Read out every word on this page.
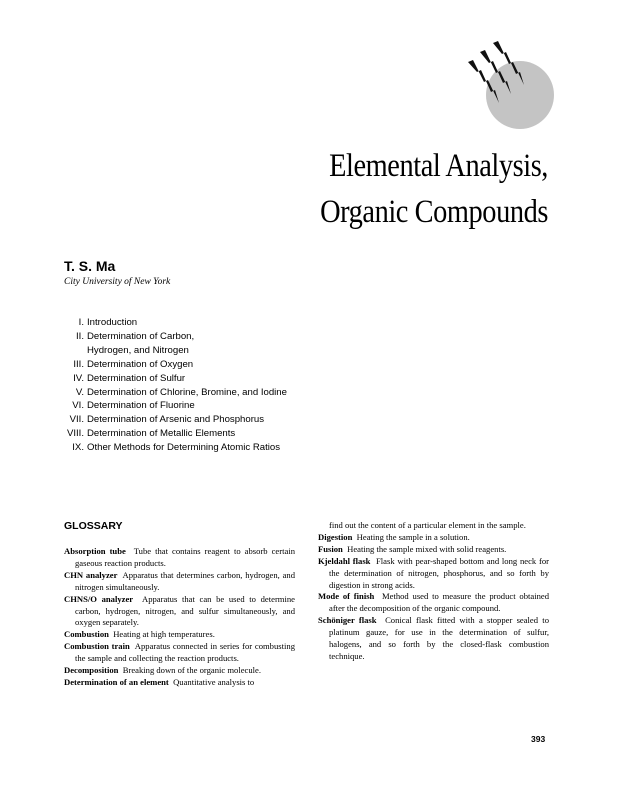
Elemental Analysis,
Organic Compounds
T. S. Ma
City University of New York
I. Introduction
II. Determination of Carbon,
Hydrogen, and Nitrogen
III. Determination of Oxygen
IV. Determination of Sulfur
V. Determination of Chlorine, Bromine, and Iodine
VI. Determination of Fluorine
VII. Determination of Arsenic and Phosphorus
VIII. Determination of Metallic Elements
IX. Other Methods for Determining Atomic Ratios
GLOSSARY
Absorption tube Tube that contains reagent to absorb certain gaseous reaction products.
CHN analyzer Apparatus that determines carbon, hydrogen, and nitrogen simultaneously.
CHNS/O analyzer Apparatus that can be used to determine carbon, hydrogen, nitrogen, and sulfur simultaneously, and oxygen separately.
Combustion Heating at high temperatures.
Combustion train Apparatus connected in series for combusting the sample and collecting the reaction products.
Decomposition Breaking down of the organic molecule.
Determination of an element Quantitative analysis to
find out the content of a particular element in the sample.
Digestion Heating the sample in a solution.
Fusion Heating the sample mixed with solid reagents.
Kjeldahl flask Flask with pear-shaped bottom and long neck for the determination of nitrogen, phosphorus, and so forth by digestion in strong acids.
Mode of finish Method used to measure the product obtained after the decomposition of the organic compound.
Schöniger flask Conical flask fitted with a stopper sealed to platinum gauze, for use in the determination of sulfur, halogens, and so forth by the closed-flask combustion technique.
393
